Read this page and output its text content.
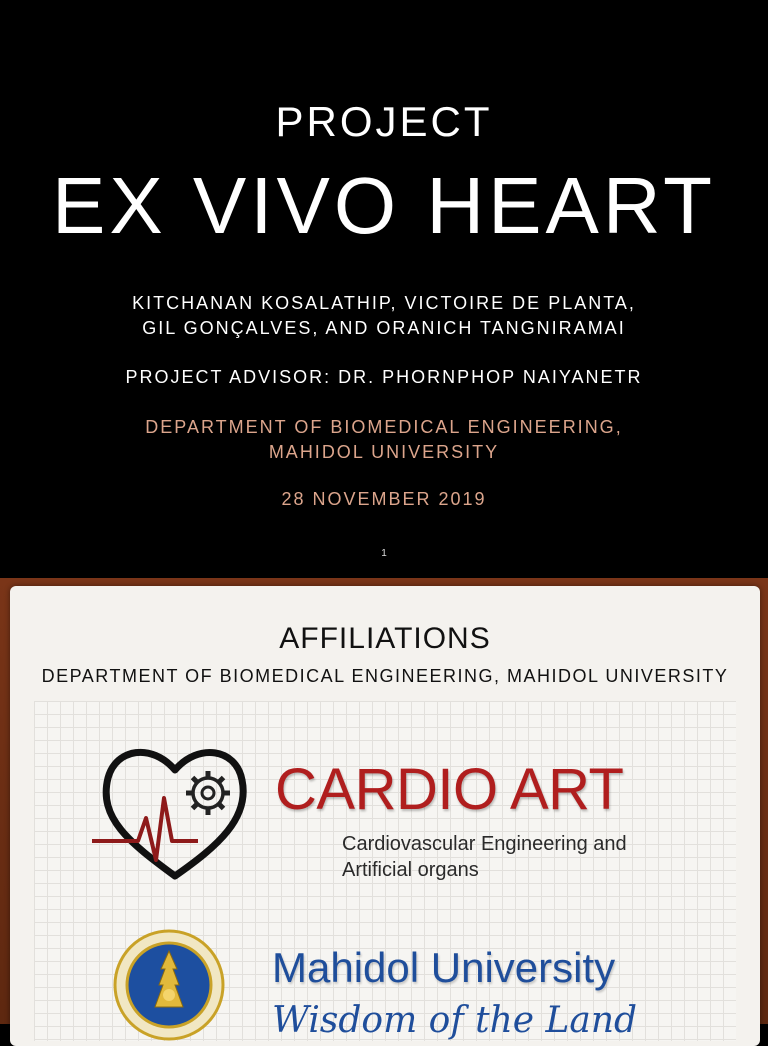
PROJECT
EX VIVO HEART
KITCHANAN KOSALATHIP, VICTOIRE DE PLANTA,
GIL GONÇALVES, AND ORANICH TANGNIRAMAI
PROJECT ADVISOR: DR. PHORNPHOP NAIYANETR
DEPARTMENT OF BIOMEDICAL ENGINEERING,
MAHIDOL UNIVERSITY
28 NOVEMBER 2019
1
AFFILIATIONS
DEPARTMENT OF BIOMEDICAL ENGINEERING, MAHIDOL UNIVERSITY
CARDIO ART
Cardiovascular Engineering and
Artificial organs
Mahidol University
Wisdom of the Land
